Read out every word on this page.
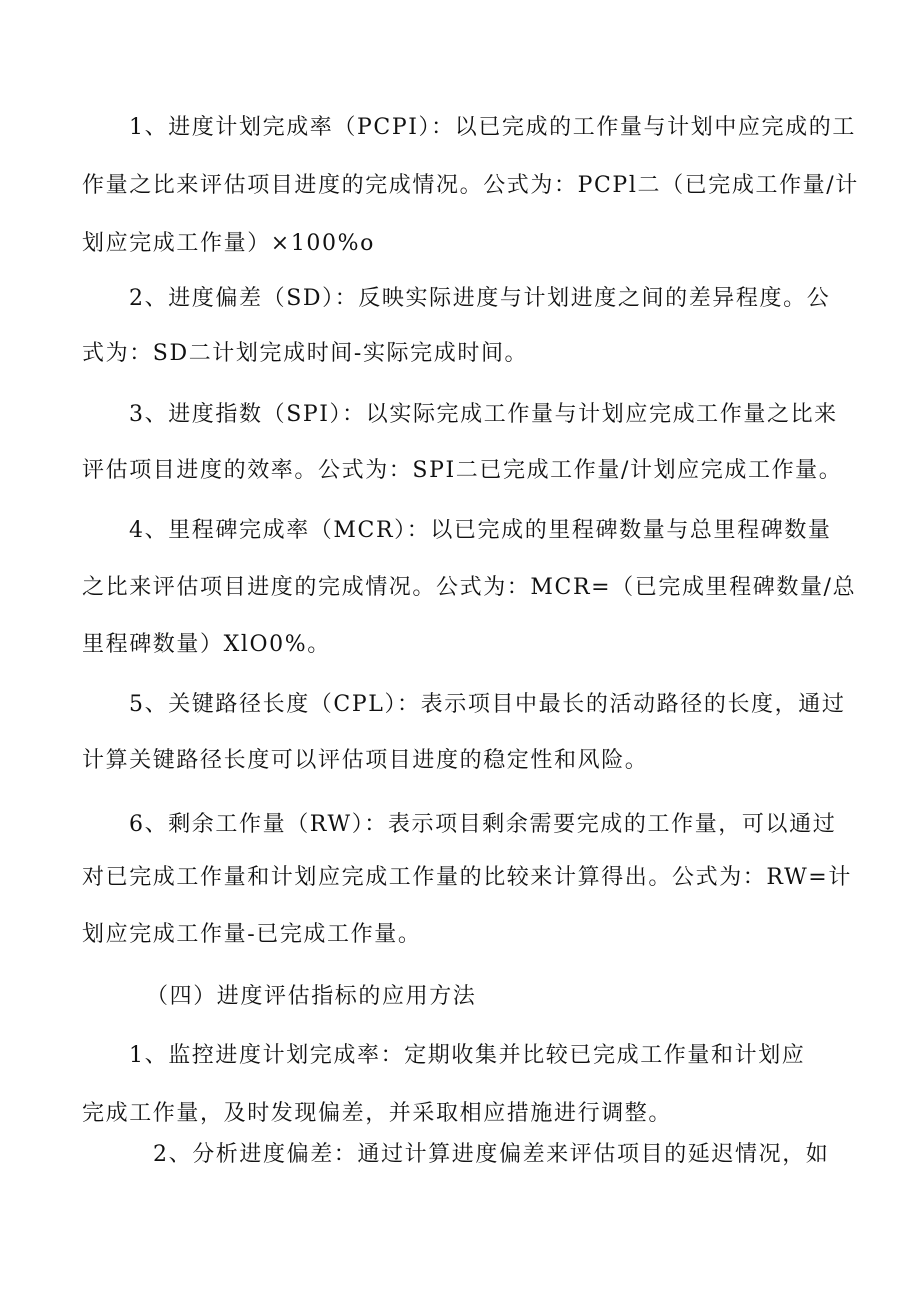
1、进度计划完成率（PCPI）：以已完成的工作量与计划中应完成的工
作量之比来评估项目进度的完成情况。公式为：PCPl二（已完成工作量/计
划应完成工作量）×100%o
2、进度偏差（SD）：反映实际进度与计划进度之间的差异程度。公
式为：SD二计划完成时间-实际完成时间。
3、进度指数（SPI）：以实际完成工作量与计划应完成工作量之比来
评估项目进度的效率。公式为：SPI二已完成工作量/计划应完成工作量。
4、里程碑完成率（MCR）：以已完成的里程碑数量与总里程碑数量
之比来评估项目进度的完成情况。公式为：MCR=（已完成里程碑数量/总
里程碑数量）XlO0%。
5、关键路径长度（CPL）：表示项目中最长的活动路径的长度，通过
计算关键路径长度可以评估项目进度的稳定性和风险。
6、剩余工作量（RW）：表示项目剩余需要完成的工作量，可以通过
对已完成工作量和计划应完成工作量的比较来计算得出。公式为：RW=计
划应完成工作量-已完成工作量。
（四）进度评估指标的应用方法
1、监控进度计划完成率：定期收集并比较已完成工作量和计划应
完成工作量，及时发现偏差，并采取相应措施进行调整。
2、分析进度偏差：通过计算进度偏差来评估项目的延迟情况，如
